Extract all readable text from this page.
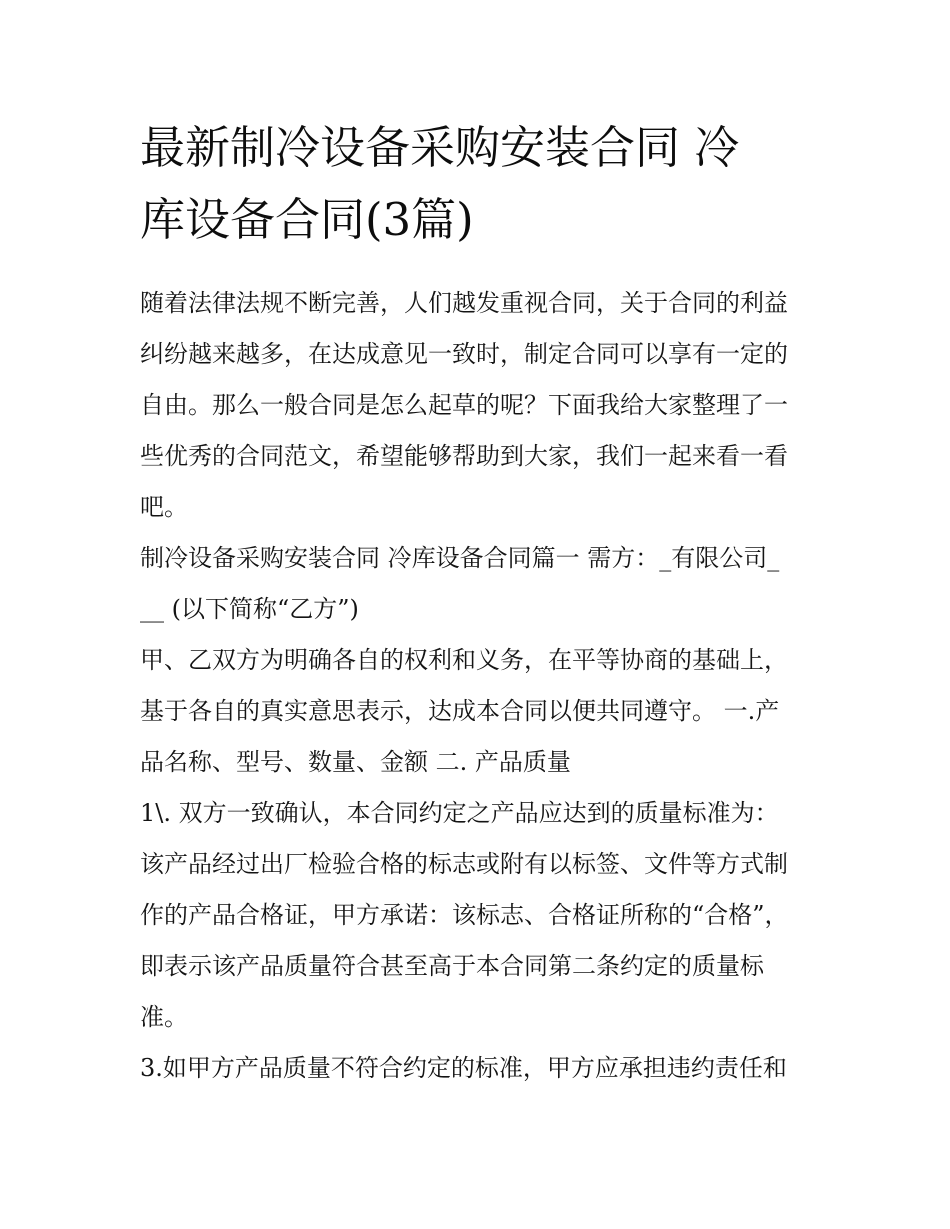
最新制冷设备采购安装合同 冷
库设备合同(3篇)

随着法律法规不断完善，人们越发重视合同，关于合同的利益
纠纷越来越多，在达成意见一致时，制定合同可以享有一定的
自由。那么一般合同是怎么起草的呢？下面我给大家整理了一
些优秀的合同范文，希望能够帮助到大家，我们一起来看一看
吧。

制冷设备采购安装合同 冷库设备合同篇一 需方：_有限公司_
__ (以下简称“乙方”)

甲、乙双方为明确各自的权利和义务，在平等协商的基础上，
基于各自的真实意思表示，达成本合同以便共同遵守。 一.产
品名称、型号、数量、金额 二. 产品质量

1\. 双方一致确认，本合同约定之产品应达到的质量标准为：
该产品经过出厂检验合格的标志或附有以标签、文件等方式制
作的产品合格证，甲方承诺：该标志、合格证所称的“合格”，
即表示该产品质量符合甚至高于本合同第二条约定的质量标
准。

3.如甲方产品质量不符合约定的标准，甲方应承担违约责任和
